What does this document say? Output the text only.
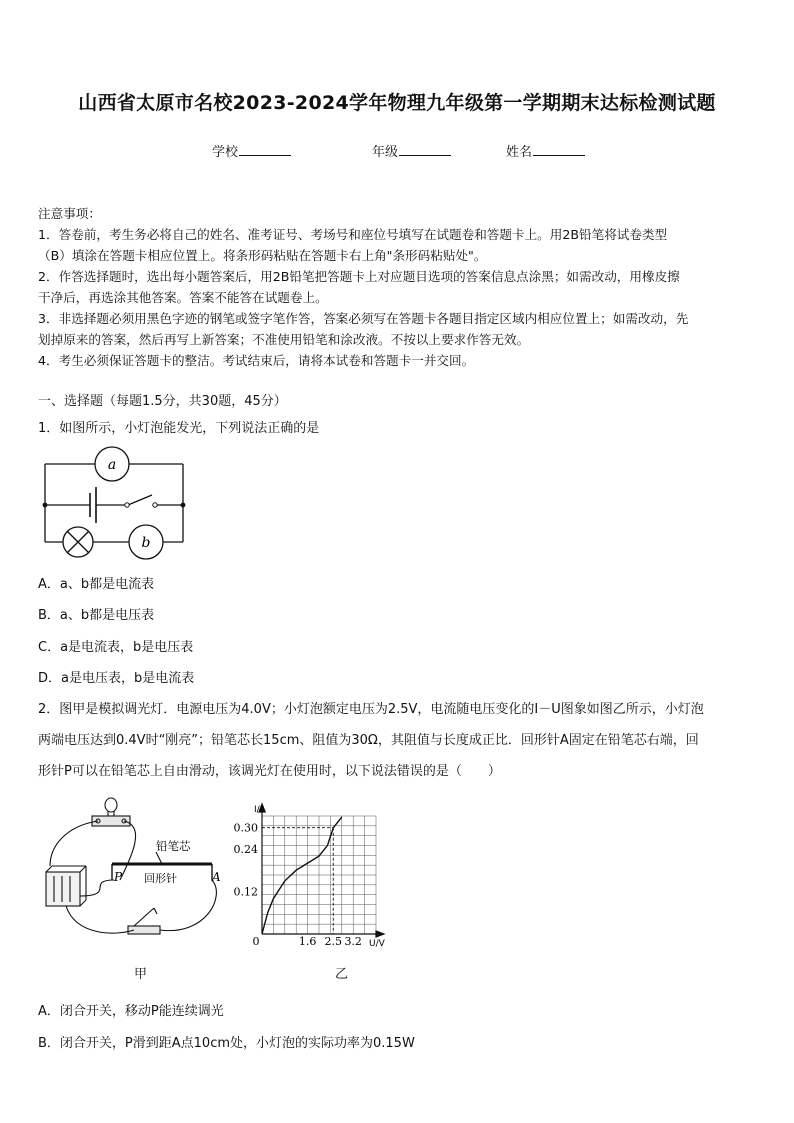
山西省太原市名校2023-2024学年物理九年级第一学期期末达标检测试题
学校	年级	姓名
注意事项：
1．答卷前，考生务必将自己的姓名、准考证号、考场号和座位号填写在试题卷和答题卡上。用2B铅笔将试卷类型
（B）填涂在答题卡相应位置上。将条形码粘贴在答题卡右上角"条形码粘贴处"。
2．作答选择题时，选出每小题答案后，用2B铅笔把答题卡上对应题目选项的答案信息点涂黑；如需改动，用橡皮擦
干净后，再选涂其他答案。答案不能答在试题卷上。
3．非选择题必须用黑色字迹的钢笔或签字笔作答，答案必须写在答题卡各题目指定区域内相应位置上；如需改动，先
划掉原来的答案，然后再写上新答案；不准使用铅笔和涂改液。不按以上要求作答无效。
4．考生必须保证答题卡的整洁。考试结束后，请将本试卷和答题卡一并交回。
一、选择题（每题1.5分，共30题，45分）
1．如图所示，小灯泡能发光，下列说法正确的是
a
b
A．a、b都是电流表
B．a、b都是电压表
C．a是电流表，b是电压表
D．a是电压表，b是电流表
2．图甲是模拟调光灯．电源电压为4.0V；小灯泡额定电压为2.5V，电流随电压变化的I－U图象如图乙所示，小灯泡
两端电压达到0.4V时“刚亮”；铅笔芯长15cm、阻值为30Ω，其阻值与长度成正比．回形针A固定在铅笔芯右端，回
形针P可以在铅笔芯上自由滑动，该调光灯在使用时，以下说法错误的是（　　）
铅笔芯
P 回形针	A
甲
I/A
U/V
0
0.30
0.24
0.12
1.6 2.5 3.2
乙
A．闭合开关，移动P能连续调光
B．闭合开关，P滑到距A点10cm处，小灯泡的实际功率为0.15W
